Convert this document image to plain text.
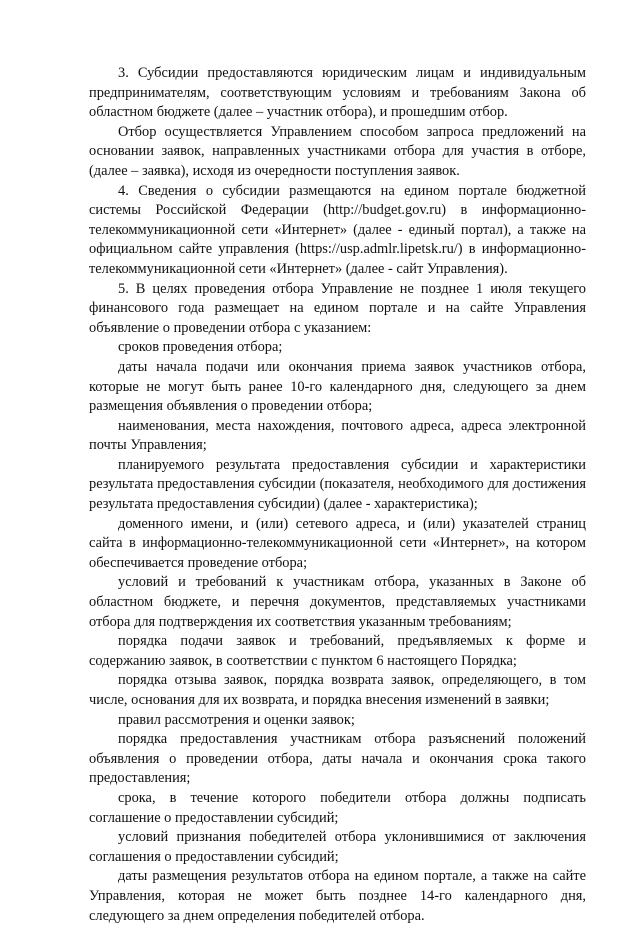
3. Субсидии предоставляются юридическим лицам и индивидуальным предпринимателям, соответствующим условиям и требованиям Закона об областном бюджете (далее – участник отбора), и прошедшим отбор.

Отбор осуществляется Управлением способом запроса предложений на основании заявок, направленных участниками отбора для участия в отборе, (далее – заявка), исходя из очередности поступления заявок.

4. Сведения о субсидии размещаются на едином портале бюджетной системы Российской Федерации (http://budget.gov.ru) в информационно-телекоммуникационной сети «Интернет» (далее - единый портал), а также на официальном сайте управления (https://usp.admlr.lipetsk.ru/) в информационно-телекоммуникационной сети «Интернет» (далее - сайт Управления).

5. В целях проведения отбора Управление не позднее 1 июля текущего финансового года размещает на едином портале и на сайте Управления объявление о проведении отбора с указанием:

сроков проведения отбора;

даты начала подачи или окончания приема заявок участников отбора, которые не могут быть ранее 10-го календарного дня, следующего за днем размещения объявления о проведении отбора;

наименования, места нахождения, почтового адреса, адреса электронной почты Управления;

планируемого результата предоставления субсидии и характеристики результата предоставления субсидии (показателя, необходимого для достижения результата предоставления субсидии) (далее - характеристика);

доменного имени, и (или) сетевого адреса, и (или) указателей страниц сайта в информационно-телекоммуникационной сети «Интернет», на котором обеспечивается проведение отбора;

условий и требований к участникам отбора, указанных в Законе об областном бюджете, и перечня документов, представляемых участниками отбора для подтверждения их соответствия указанным требованиям;

порядка подачи заявок и требований, предъявляемых к форме и содержанию заявок, в соответствии с пунктом 6 настоящего Порядка;

порядка отзыва заявок, порядка возврата заявок, определяющего, в том числе, основания для их возврата, и порядка внесения изменений в заявки;

правил рассмотрения и оценки заявок;

порядка предоставления участникам отбора разъяснений положений объявления о проведении отбора, даты начала и окончания срока такого предоставления;

срока, в течение которого победители отбора должны подписать соглашение о предоставлении субсидий;

условий признания победителей отбора уклонившимися от заключения соглашения о предоставлении субсидий;

даты размещения результатов отбора на едином портале, а также на сайте Управления, которая не может быть позднее 14-го календарного дня, следующего за днем определения победителей отбора.
